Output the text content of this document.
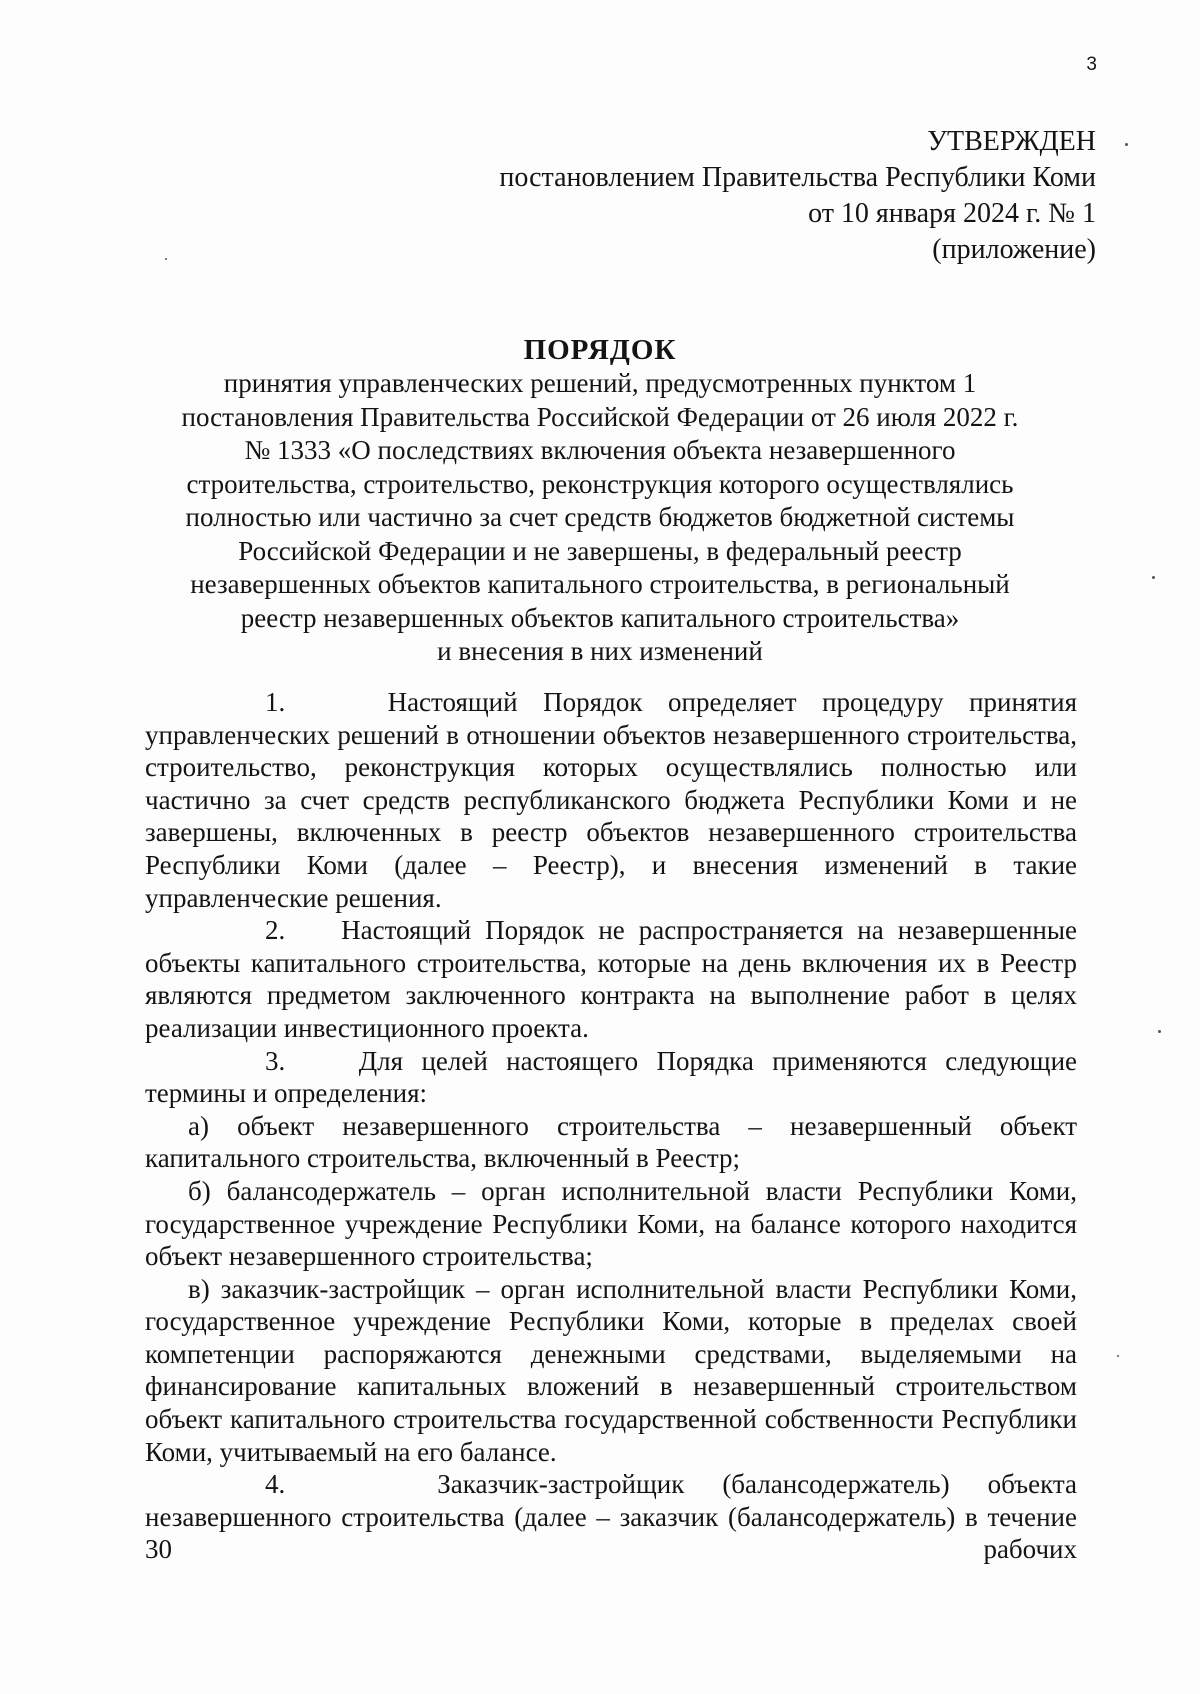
3
УТВЕРЖДЕН
постановлением Правительства Республики Коми
от 10 января 2024 г. № 1
(приложение)
ПОРЯДОК
принятия управленческих решений, предусмотренных пунктом 1
постановления Правительства Российской Федерации от 26 июля 2022 г.
№ 1333 «О последствиях включения объекта незавершенного
строительства, строительство, реконструкция которого осуществлялись
полностью или частично за счет средств бюджетов бюджетной системы
Российской Федерации и не завершены, в федеральный реестр
незавершенных объектов капитального строительства, в региональный
реестр незавершенных объектов капитального строительства»
и внесения в них изменений

1.	Настоящий Порядок определяет процедуру принятия управленческих решений в отношении объектов незавершенного строительства, строительство, реконструкция которых осуществлялись полностью или частично за счет средств республиканского бюджета Республики Коми и не завершены, включенных в реестр объектов незавершенного строительства Республики Коми (далее – Реестр), и внесения изменений в такие управленческие решения.

2. Настоящий Порядок не распространяется на незавершенные объекты капитального строительства, которые на день включения их в Реестр являются предметом заключенного контракта на выполнение работ в целях реализации инвестиционного проекта.

3.	Для целей настоящего Порядка применяются следующие термины и определения:

а) объект незавершенного строительства – незавершенный объект капитального строительства, включенный в Реестр;

б) балансодержатель – орган исполнительной власти Республики Коми, государственное учреждение Республики Коми, на балансе которого находится объект незавершенного строительства;

в) заказчик-застройщик – орган исполнительной власти Республики Коми, государственное учреждение Республики Коми, которые в пределах своей компетенции распоряжаются денежными средствами, выделяемыми на финансирование капитальных вложений в незавершенный строительством объект капитального строительства государственной собственности Республики Коми, учитываемый на его балансе.

4.	Заказчик-застройщик (балансодержатель) объекта незавершенного строительства (далее – заказчик (балансодержатель) в течение 30 рабочих
